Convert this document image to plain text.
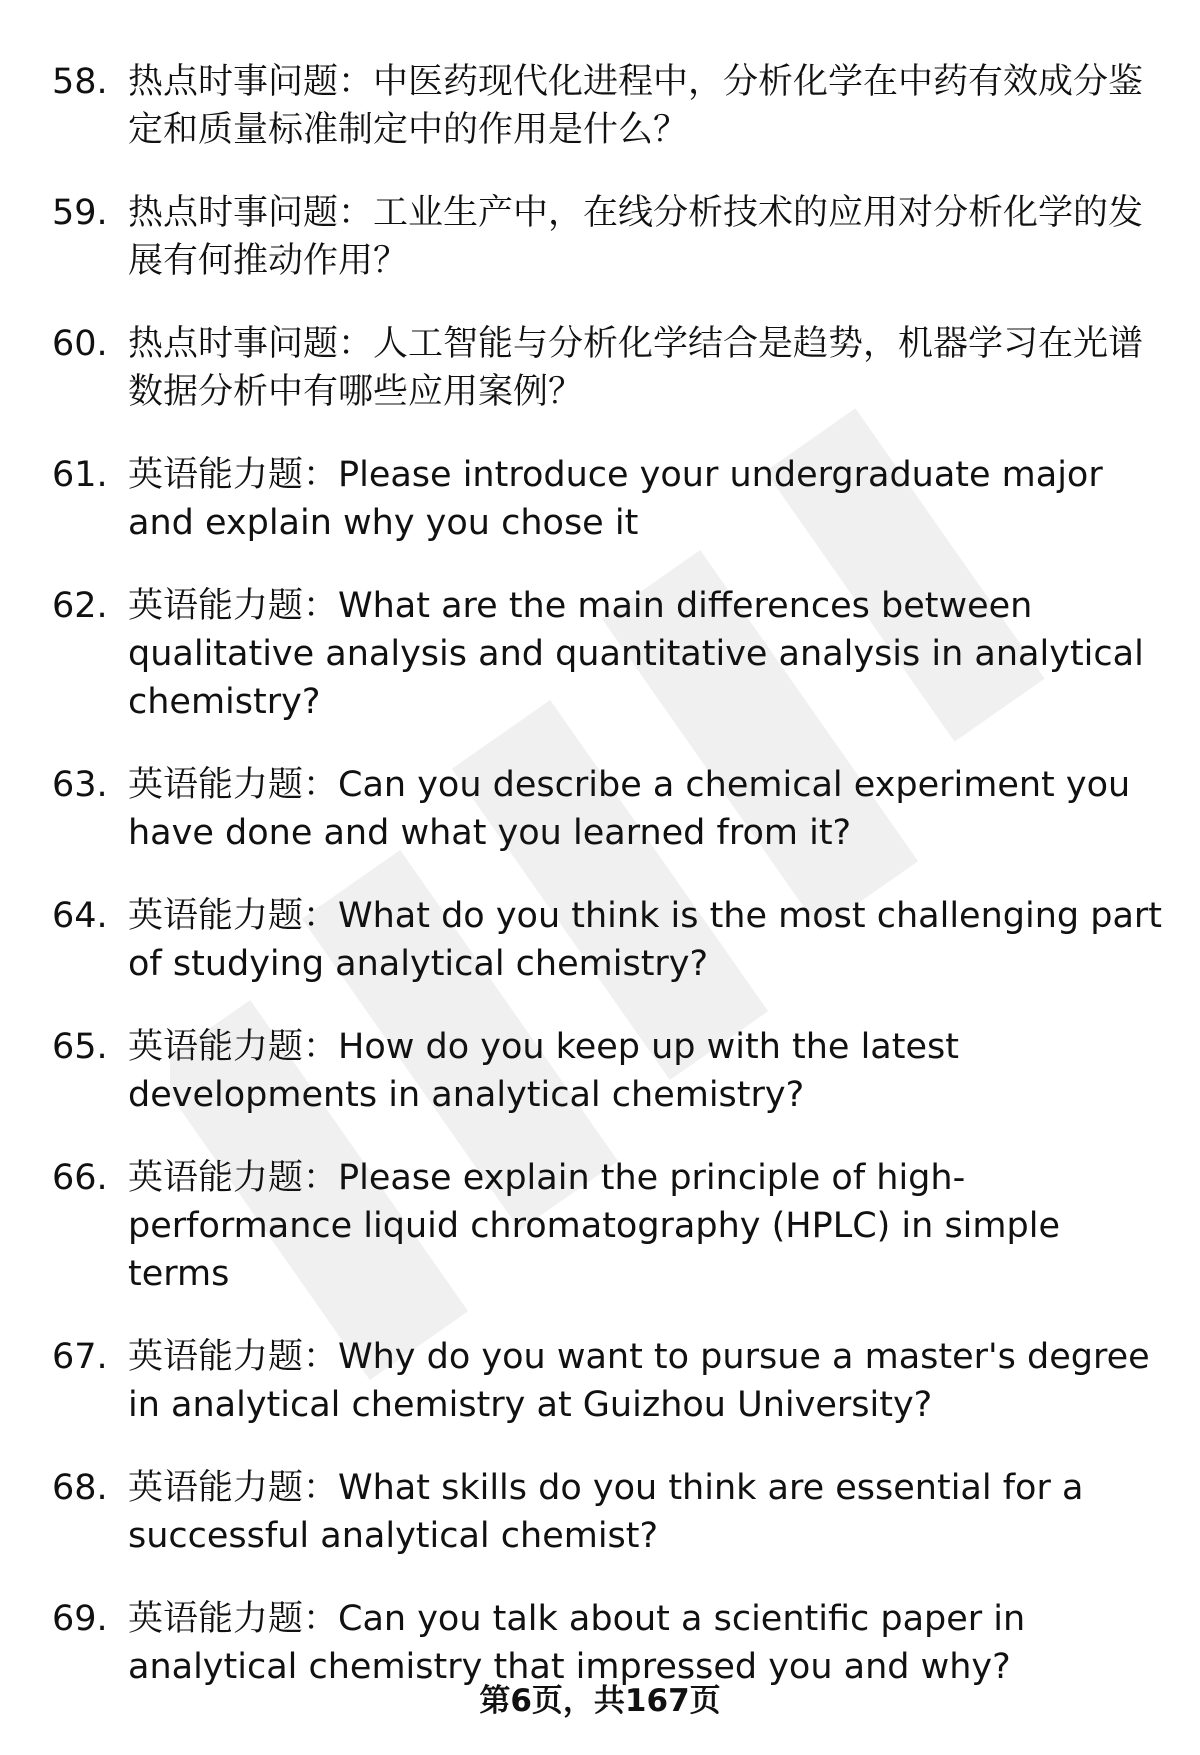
58. 热点时事问题：中医药现代化进程中，分析化学在中药有效成分鉴定和质量标准制定中的作用是什么？
59. 热点时事问题：工业生产中，在线分析技术的应用对分析化学的发展有何推动作用？
60. 热点时事问题：人工智能与分析化学结合是趋势，机器学习在光谱数据分析中有哪些应用案例？
61. 英语能力题：Please introduce your undergraduate major and explain why you chose it
62. 英语能力题：What are the main differences between qualitative analysis and quantitative analysis in analytical chemistry?
63. 英语能力题：Can you describe a chemical experiment you have done and what you learned from it?
64. 英语能力题：What do you think is the most challenging part of studying analytical chemistry?
65. 英语能力题：How do you keep up with the latest developments in analytical chemistry?
66. 英语能力题：Please explain the principle of high-performance liquid chromatography (HPLC) in simple terms
67. 英语能力题：Why do you want to pursue a master's degree in analytical chemistry at Guizhou University?
68. 英语能力题：What skills do you think are essential for a successful analytical chemist?
69. 英语能力题：Can you talk about a scientific paper in analytical chemistry that impressed you and why?
第6页，共167页
